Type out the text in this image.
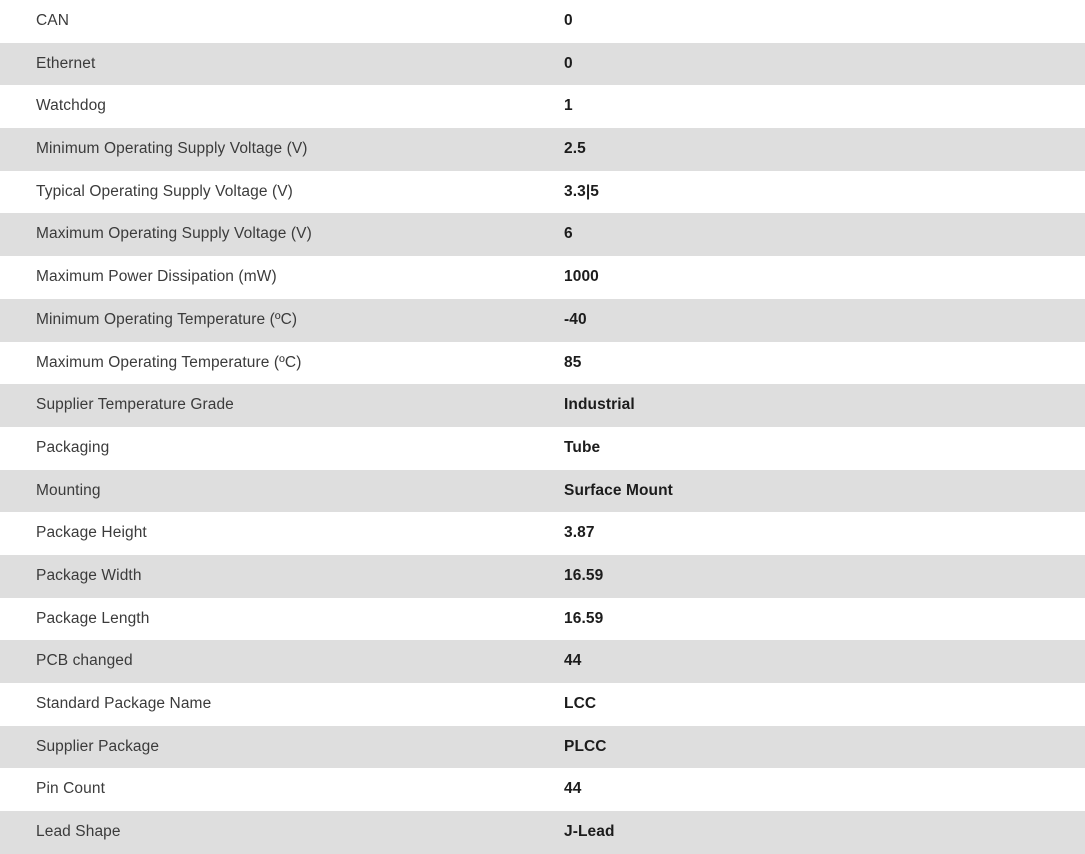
CAN	0
Ethernet	0
Watchdog	1
Minimum Operating Supply Voltage (V)	2.5
Typical Operating Supply Voltage (V)	3.3|5
Maximum Operating Supply Voltage (V)	6
Maximum Power Dissipation (mW)	1000
Minimum Operating Temperature (ºC)	-40
Maximum Operating Temperature (ºC)	85
Supplier Temperature Grade	Industrial
Packaging	Tube
Mounting	Surface Mount
Package Height	3.87
Package Width	16.59
Package Length	16.59
PCB changed	44
Standard Package Name	LCC
Supplier Package	PLCC
Pin Count	44
Lead Shape	J-Lead
